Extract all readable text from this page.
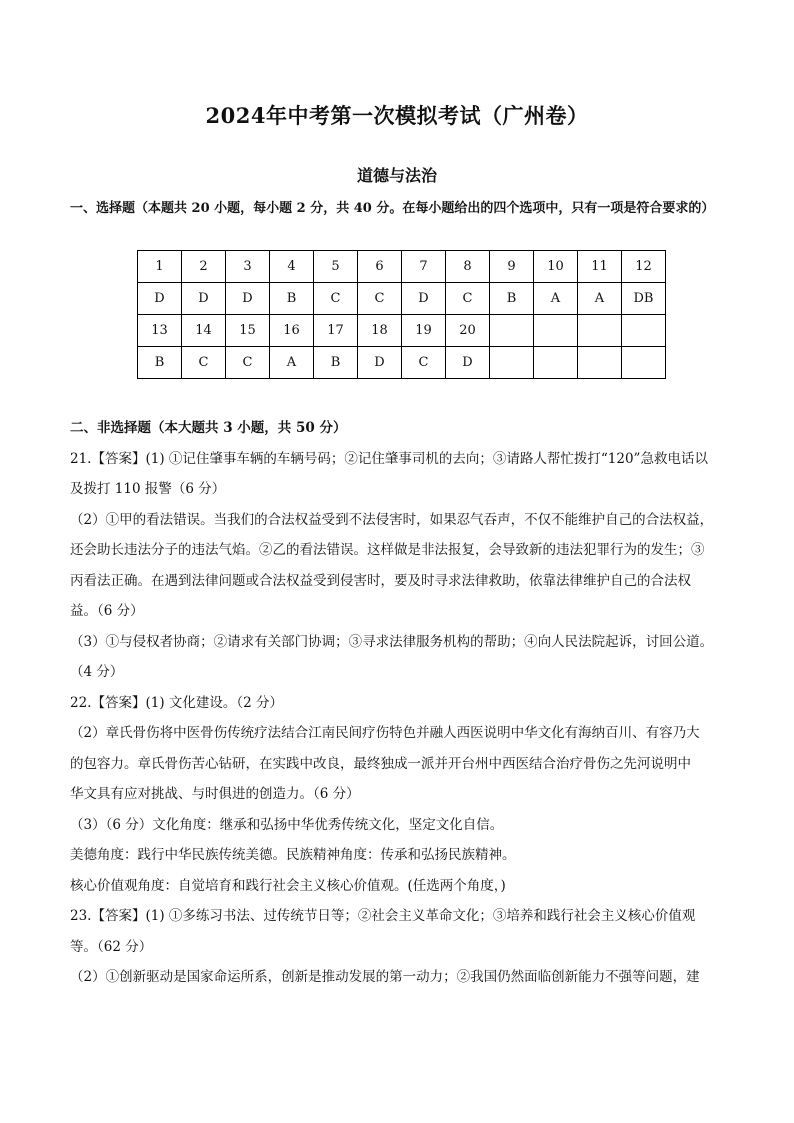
2024年中考第一次模拟考试（广州卷）
道德与法治
一、选择题（本题共 20 小题，每小题 2 分，共 40 分。在每小题给出的四个选项中，只有一项是符合要求的）
1	2	3	4	5	6	7	8	9	10	11	12
D	D	D	B	C	C	D	C	B	A	A	DB
13	14	15	16	17	18	19	20				
B	C	C	A	B	D	C	D				

二、非选择题（本大题共 3 小题，共 50 分）

21.【答案】(1) ①记住肇事车辆的车辆号码；②记住肇事司机的去向；③请路人帮忙拨打“120”急救电话以

及拨打 110 报警（6 分）

（2）①甲的看法错误。当我们的合法权益受到不法侵害时，如果忍气吞声，不仅不能维护自己的合法权益，

还会助长违法分子的违法气焰。②乙的看法错误。这样做是非法报复，会导致新的违法犯罪行为的发生；③

丙看法正确。在遇到法律问题或合法权益受到侵害时，要及时寻求法律救助，依靠法律维护自己的合法权

益。（6 分）

（3）①与侵权者协商；②请求有关部门协调；③寻求法律服务机构的帮助；④向人民法院起诉，讨回公道。

（4 分）

22.【答案】(1) 文化建设。（2 分）

（2）章氏骨伤将中医骨伤传统疗法结合江南民间疗伤特色并融人西医说明中华文化有海纳百川、有容乃大

的包容力。章氏骨伤苦心钻研，在实践中改良，最终独成一派并开台州中西医结合治疗骨伤之先河说明中

华文具有应对挑战、与时俱进的创造力。（6 分）

（3）（6 分）文化角度：继承和弘扬中华优秀传统文化，坚定文化自信。

美德角度：践行中华民族传统美德。民族精神角度：传承和弘扬民族精神。

核心价值观角度：自觉培育和践行社会主义核心价值观。(任选两个角度，)

23.【答案】(1) ①多练习书法、过传统节日等；②社会主义革命文化；③培养和践行社会主义核心价值观

等。（62 分）

（2）①创新驱动是国家命运所系，创新是推动发展的第一动力；②我国仍然面临创新能力不强等问题，建
